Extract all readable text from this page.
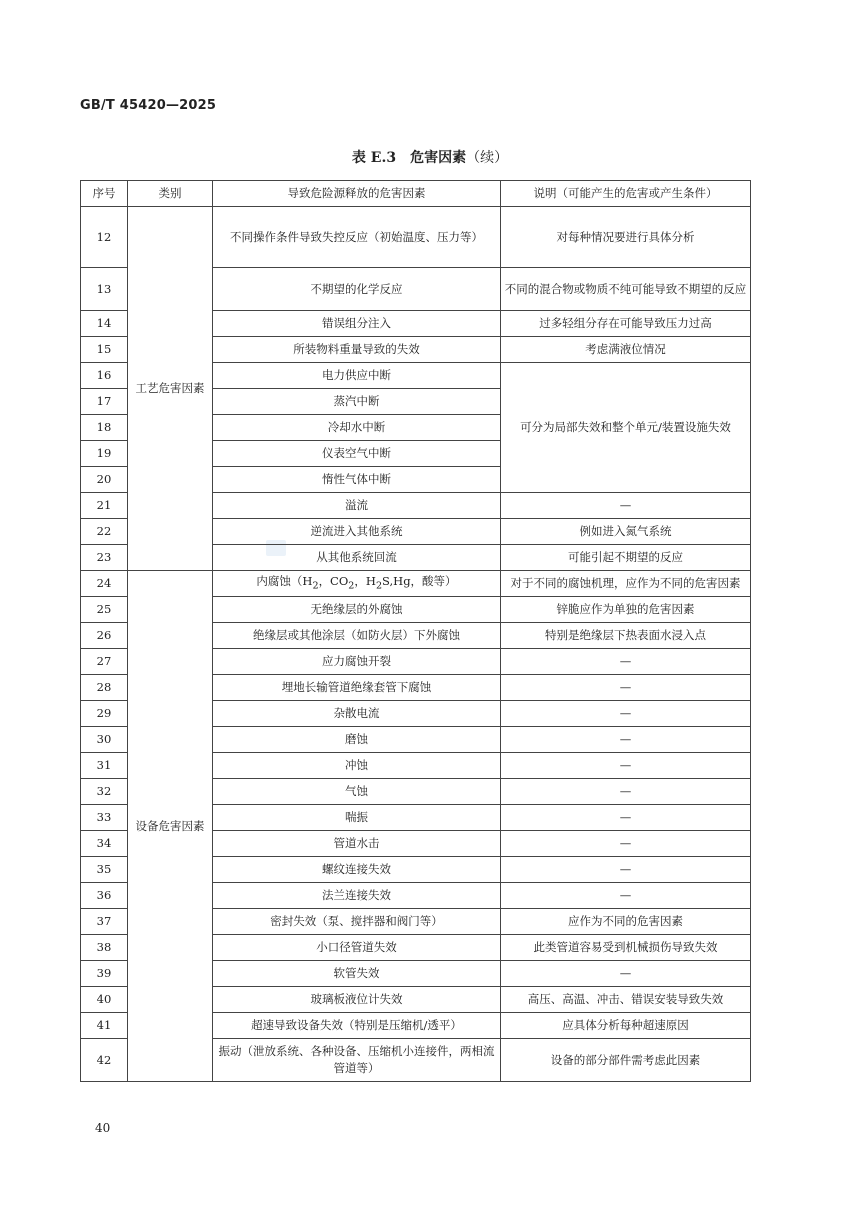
GB/T 45420—2025
表 E.3　危害因素（续）
序号	类别	导致危险源释放的危害因素	说明（可能产生的危害或产生条件）
12	工艺危害因素	不同操作条件导致失控反应（初始温度、压力等）	对每种情况要进行具体分析
13		不期望的化学反应	不同的混合物或物质不纯可能导致不期望的反应
14		错误组分注入	过多轻组分存在可能导致压力过高
15		所装物料重量导致的失效	考虑满液位情况
16		电力供应中断	可分为局部失效和整个单元/装置设施失效
17		蒸汽中断	
18		冷却水中断	
19		仪表空气中断	
20		惰性气体中断	
21		溢流	—
22		逆流进入其他系统	例如进入氮气系统
23		从其他系统回流	可能引起不期望的反应
24	设备危害因素	内腐蚀（$H_2$，$CO_2$，$H_2S,Hg$，酸等）	对于不同的腐蚀机理，应作为不同的危害因素
25		无绝缘层的外腐蚀	锌脆应作为单独的危害因素
26		绝缘层或其他涂层（如防火层）下外腐蚀	特别是绝缘层下热表面水浸入点
27		应力腐蚀开裂	—
28		埋地长输管道绝缘套管下腐蚀	—
29		杂散电流	—
30		磨蚀	—
31		冲蚀	—
32		气蚀	—
33		喘振	—
34		管道水击	—
35		螺纹连接失效	—
36		法兰连接失效	—
37		密封失效（泵、搅拌器和阀门等）	应作为不同的危害因素
38		小口径管道失效	此类管道容易受到机械损伤导致失效
39		软管失效	—
40		玻璃板液位计失效	高压、高温、冲击、错误安装导致失效
41		超速导致设备失效（特别是压缩机/透平）	应具体分析每种超速原因
42		振动（泄放系统、各种设备、压缩机小连接件，两相流管道等）	设备的部分部件需考虑此因素
40
